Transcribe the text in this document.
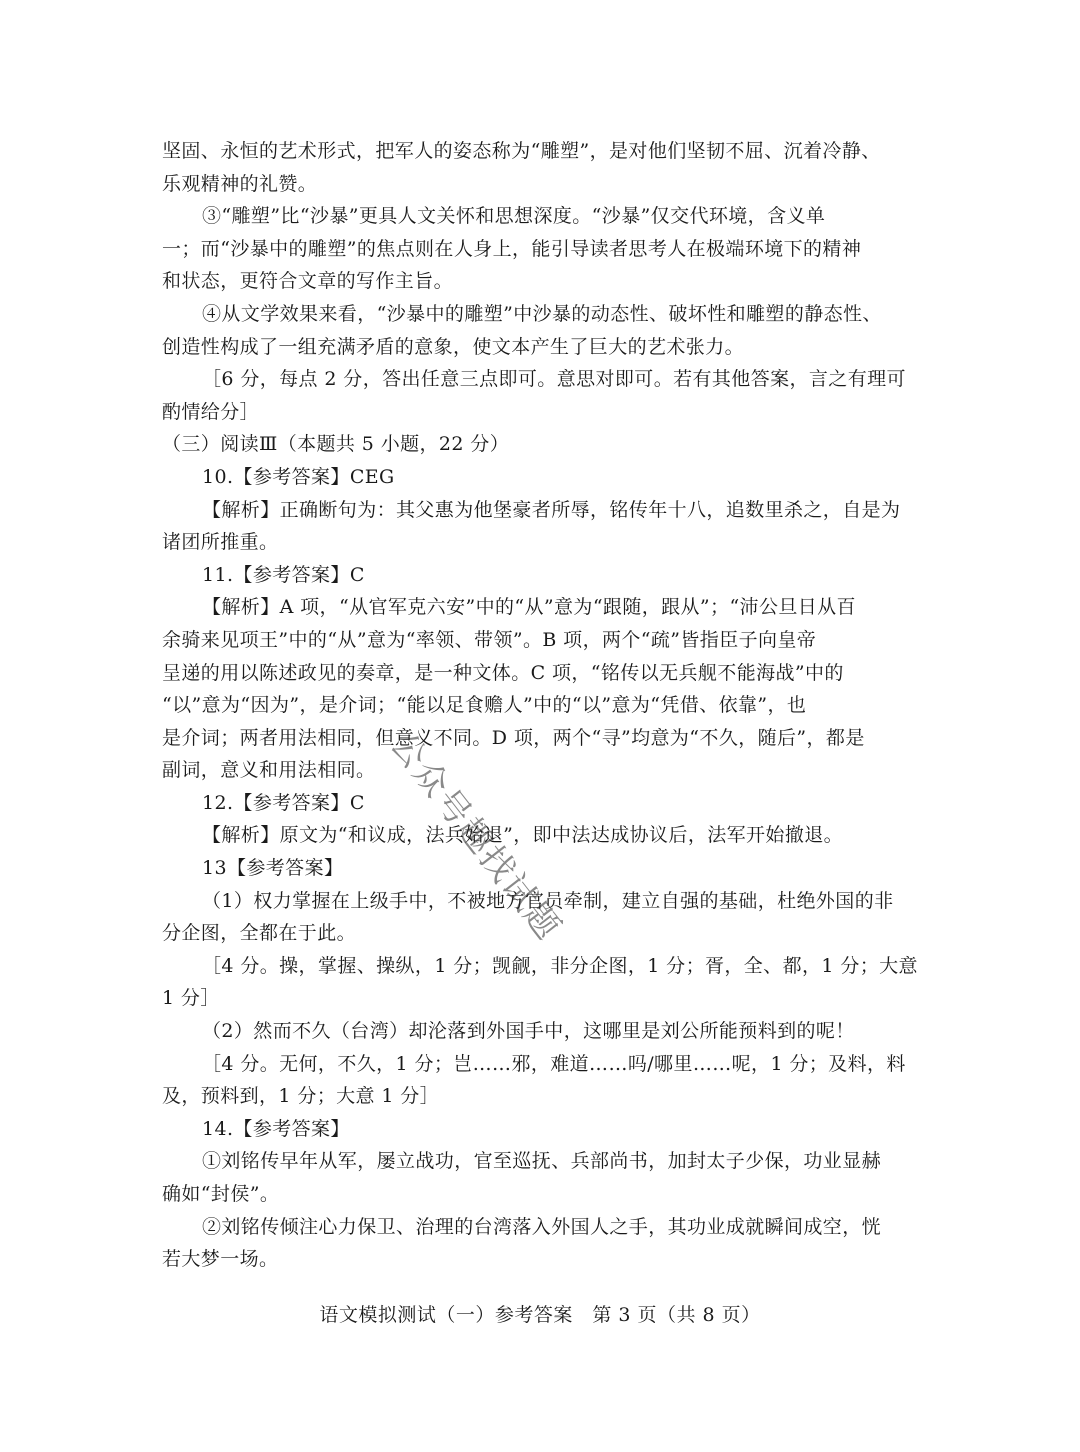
坚固、永恒的艺术形式，把军人的姿态称为“雕塑”，是对他们坚韧不屈、沉着冷静、
乐观精神的礼赞。
③“雕塑”比“沙暴”更具人文关怀和思想深度。“沙暴”仅交代环境，含义单
一；而“沙暴中的雕塑”的焦点则在人身上，能引导读者思考人在极端环境下的精神
和状态，更符合文章的写作主旨。
④从文学效果来看，“沙暴中的雕塑”中沙暴的动态性、破坏性和雕塑的静态性、
创造性构成了一组充满矛盾的意象，使文本产生了巨大的艺术张力。
［6 分，每点 2 分，答出任意三点即可。意思对即可。若有其他答案，言之有理可
酌情给分］
（三）阅读Ⅲ（本题共 5 小题，22 分）
10.【参考答案】CEG
【解析】正确断句为：其父惠为他堡豪者所辱，铭传年十八，追数里杀之，自是为
诸团所推重。
11.【参考答案】C
【解析】A 项，“从官军克六安”中的“从”意为“跟随，跟从”；“沛公旦日从百
余骑来见项王”中的“从”意为“率领、带领”。B 项，两个“疏”皆指臣子向皇帝
呈递的用以陈述政见的奏章，是一种文体。C 项，“铭传以无兵舰不能海战”中的
“以”意为“因为”，是介词；“能以足食赡人”中的“以”意为“凭借、依靠”，也
是介词；两者用法相同，但意义不同。D 项，两个“寻”均意为“不久，随后”，都是
副词，意义和用法相同。
12.【参考答案】C
【解析】原文为“和议成，法兵始退”，即中法达成协议后，法军开始撤退。
13【参考答案】
（1）权力掌握在上级手中，不被地方官员牵制，建立自强的基础，杜绝外国的非
分企图，全都在于此。
［4 分。操，掌握、操纵，1 分；觊觎，非分企图，1 分；胥，全、都，1 分；大意
1 分］
（2）然而不久（台湾）却沦落到外国手中，这哪里是刘公所能预料到的呢！
［4 分。无何，不久，1 分；岂……邪，难道……吗/哪里……呢，1 分；及料，料
及，预料到，1 分；大意 1 分］
14.【参考答案】
①刘铭传早年从军，屡立战功，官至巡抚、兵部尚书，加封太子少保，功业显赫
确如“封侯”。
②刘铭传倾注心力保卫、治理的台湾落入外国人之手，其功业成就瞬间成空，恍
若大梦一场。
公众号趣找试题
语文模拟测试（一）参考答案　第 3 页（共 8 页）
